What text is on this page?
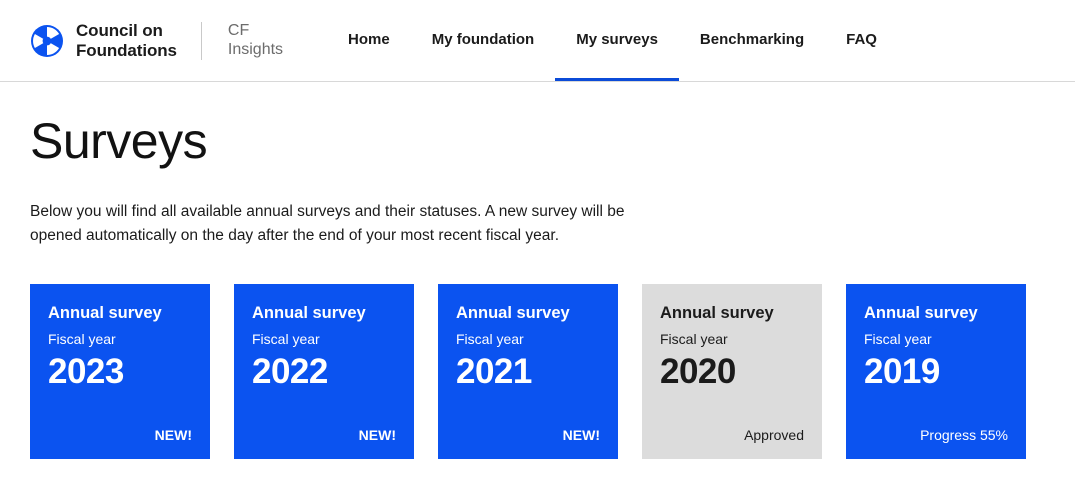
Council on
Foundations
CF
Insights
Home	My foundation	My surveys	Benchmarking	FAQ
Surveys

Below you will find all available annual surveys and their statuses. A new survey will be opened automatically on the day after the end of your most recent fiscal year.

Annual survey
Fiscal year
2023
NEW!
Annual survey
Fiscal year
2022
NEW!
Annual survey
Fiscal year
2021
NEW!
Annual survey
Fiscal year
2020
Approved
Annual survey
Fiscal year
2019
Progress 55%
